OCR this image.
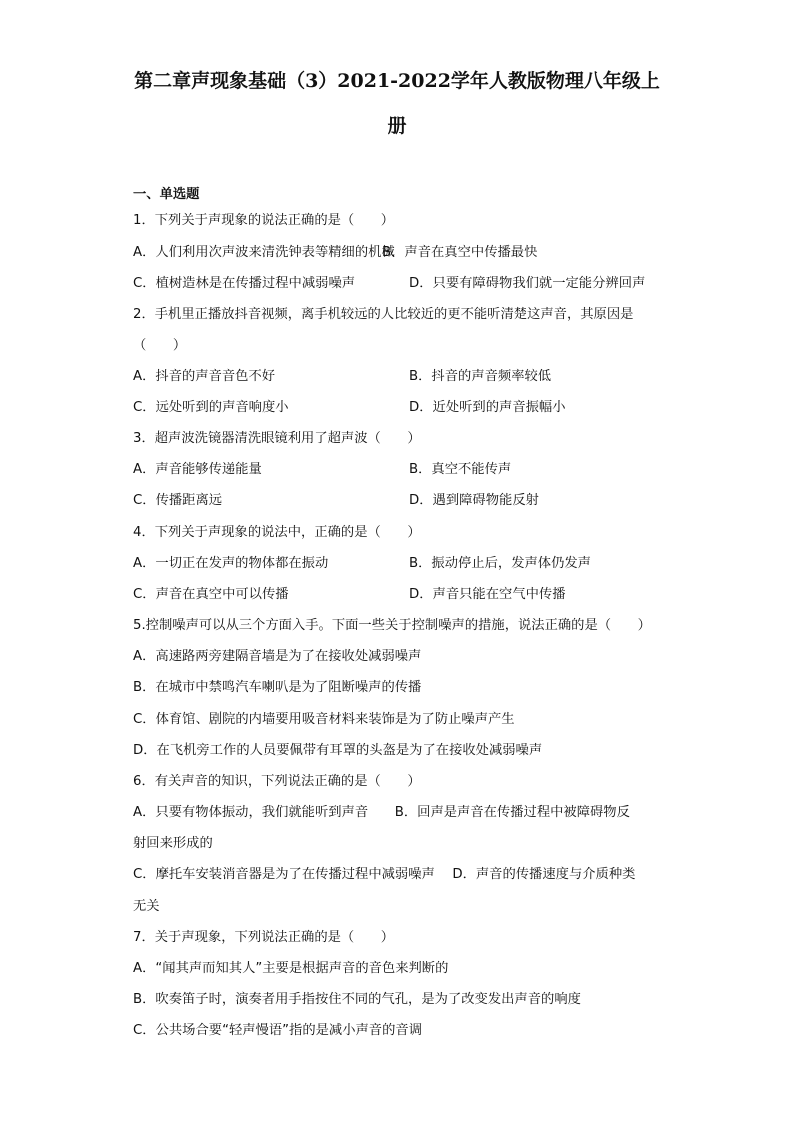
第二章声现象基础（3）2021-2022学年人教版物理八年级上
册
一、单选题
1．下列关于声现象的说法正确的是（　　）
A．人们利用次声波来清洗钟表等精细的机械
B．声音在真空中传播最快
C．植树造林是在传播过程中减弱噪声	D．只要有障碍物我们就一定能分辨回声
2．手机里正播放抖音视频，离手机较远的人比较近的更不能听清楚这声音，其原因是
（　　）
A．抖音的声音音色不好	B．抖音的声音频率较低
C．远处听到的声音响度小	D．近处听到的声音振幅小
3．超声波洗镜器清洗眼镜利用了超声波（　　）
A．声音能够传递能量	B．真空不能传声
C．传播距离远	D．遇到障碍物能反射
4．下列关于声现象的说法中，正确的是（　　）
A．一切正在发声的物体都在振动	B．振动停止后，发声体仍发声
C．声音在真空中可以传播	D．声音只能在空气中传播
5.控制噪声可以从三个方面入手。下面一些关于控制噪声的措施，说法正确的是（　　）
A．高速路两旁建隔音墙是为了在接收处减弱噪声
B．在城市中禁鸣汽车喇叭是为了阻断噪声的传播
C．体育馆、剧院的内墙要用吸音材料来装饰是为了防止噪声产生
D．在飞机旁工作的人员要佩带有耳罩的头盔是为了在接收处减弱噪声
6．有关声音的知识，下列说法正确的是（　　）
A．只要有物体振动，我们就能听到声音　　B．回声是声音在传播过程中被障碍物反
射回来形成的
C．摩托车安装消音器是为了在传播过程中减弱噪声　 D．声音的传播速度与介质种类
无关
7．关于声现象，下列说法正确的是（　　）
A．“闻其声而知其人”主要是根据声音的音色来判断的
B．吹奏笛子时，演奏者用手指按住不同的气孔，是为了改变发出声音的响度
C．公共场合要“轻声慢语”指的是减小声音的音调
